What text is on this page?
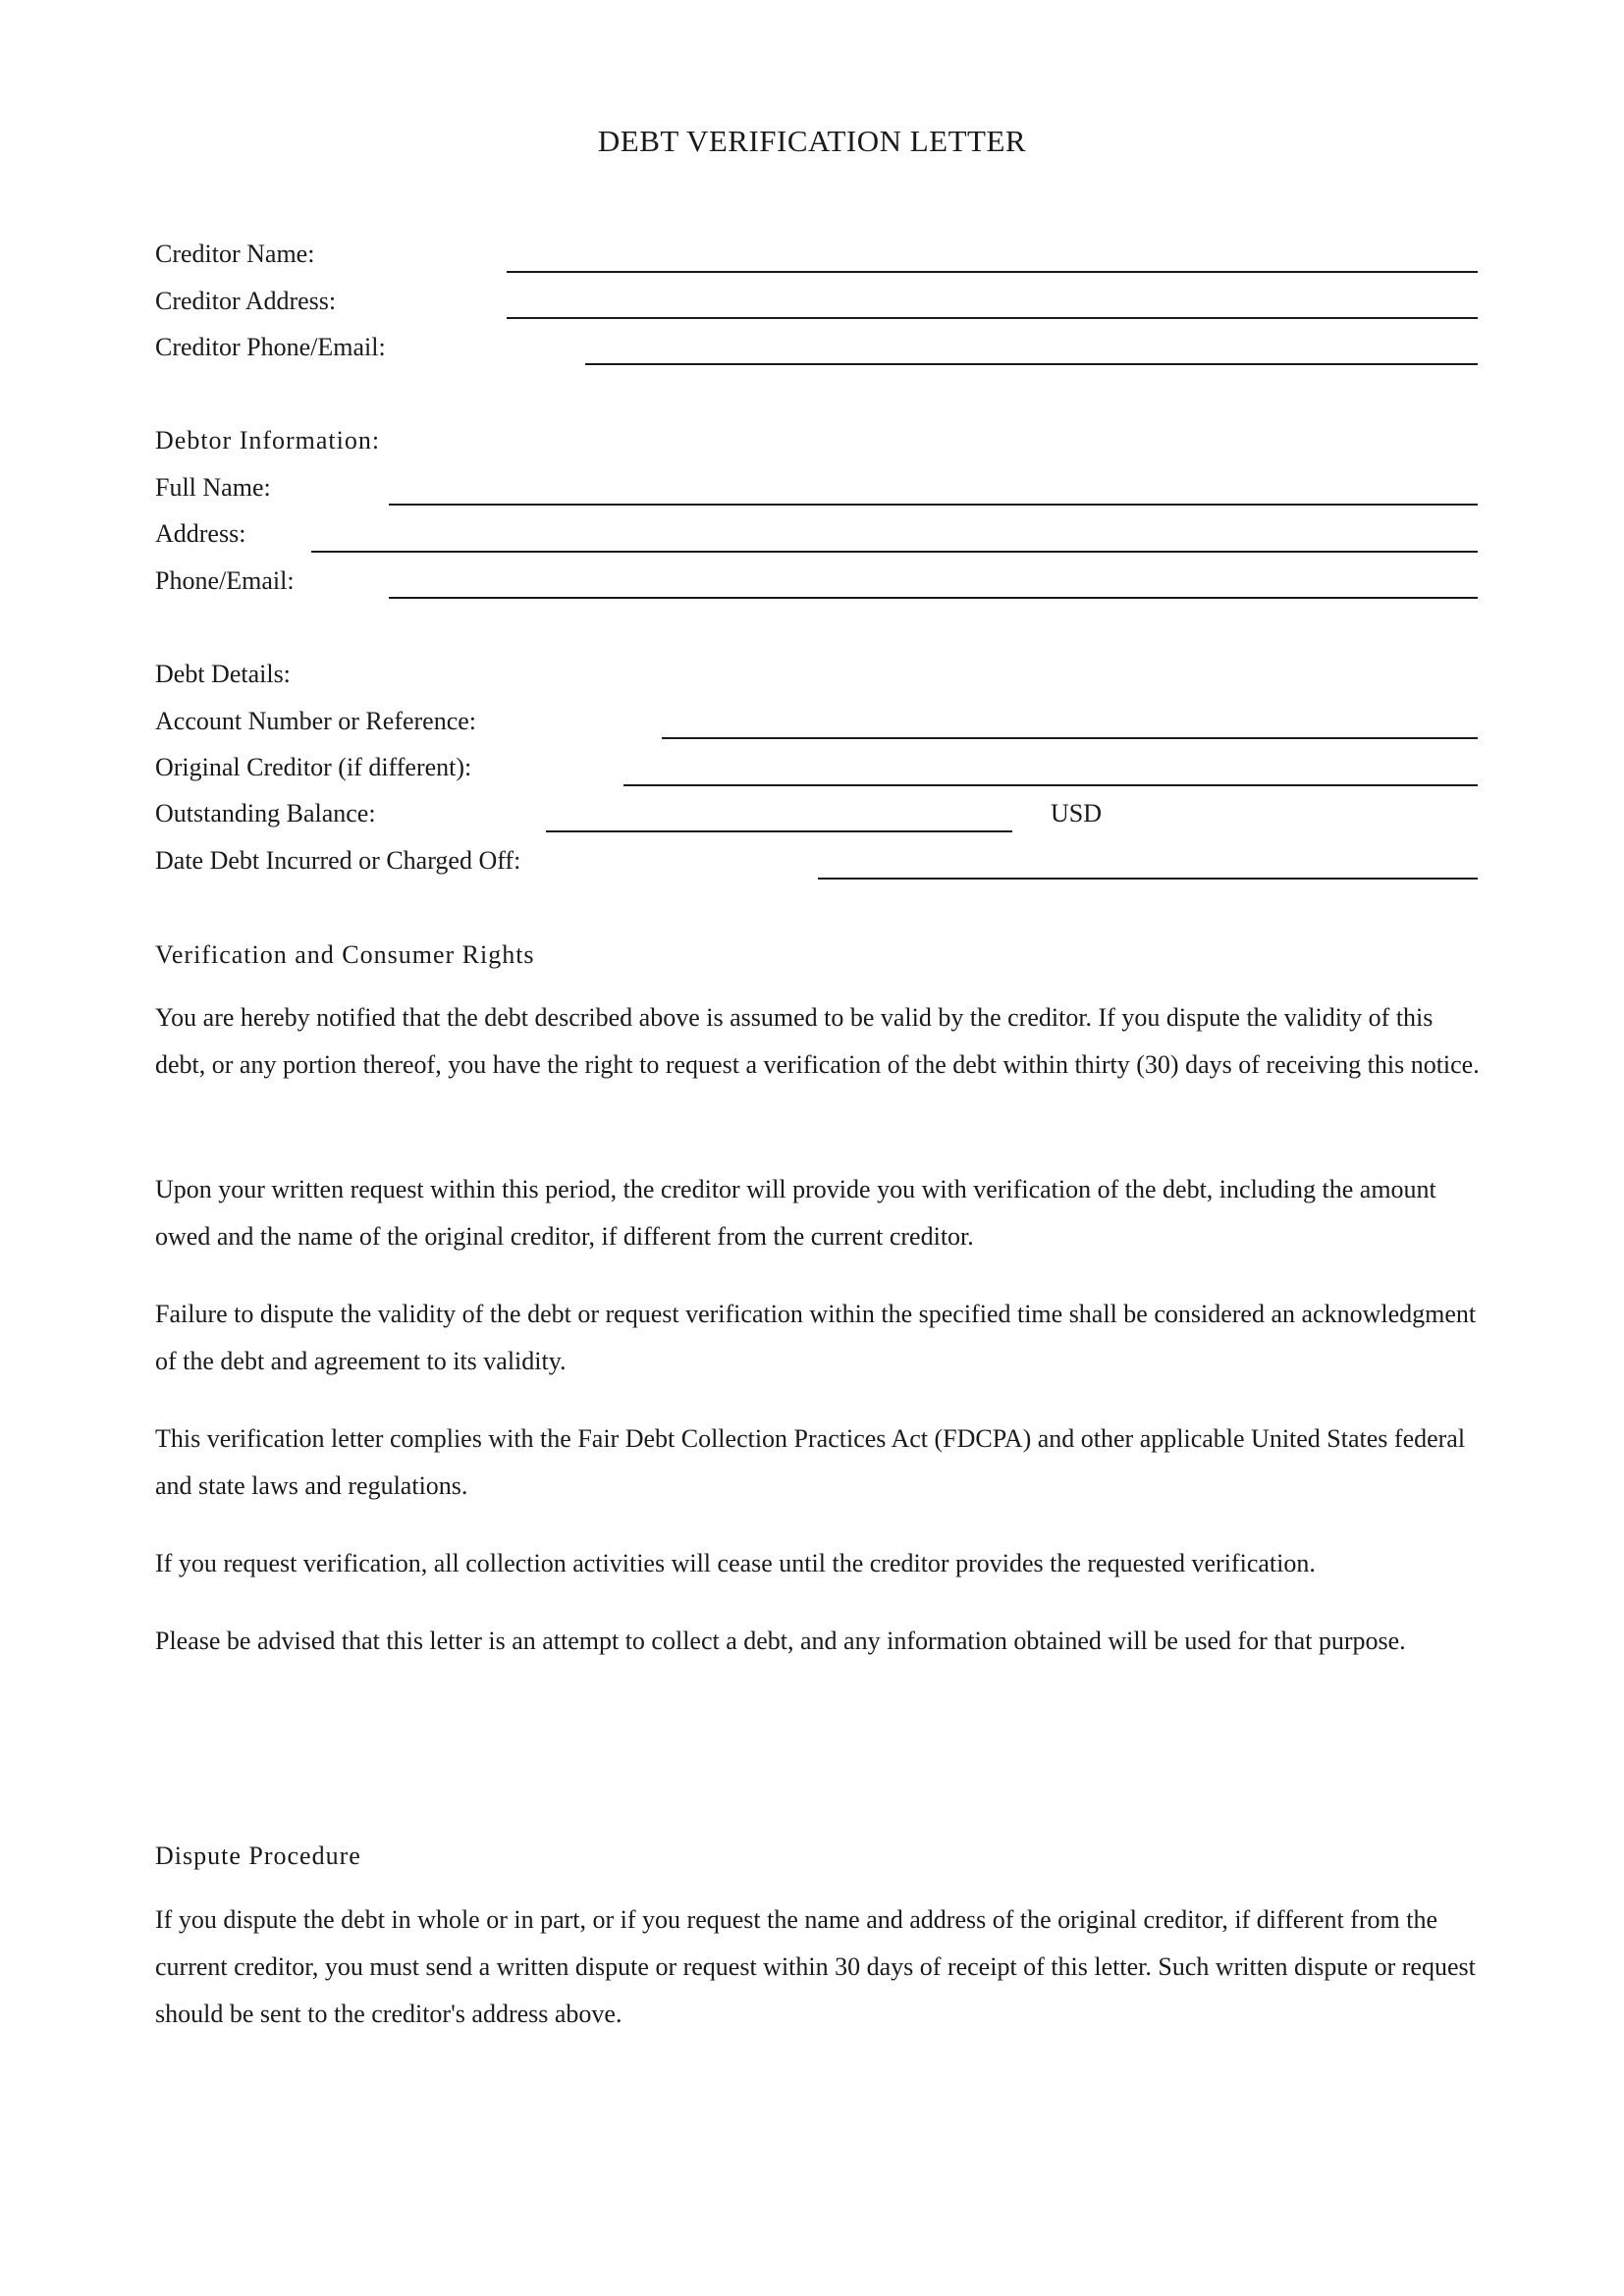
DEBT VERIFICATION LETTER
Creditor Name:
Creditor Address:
Creditor Phone/Email:
Debtor Information:
Full Name:
Address:
Phone/Email:
Debt Details:
Account Number or Reference:
Original Creditor (if different):
Outstanding Balance:	USD
Date Debt Incurred or Charged Off:
Verification and Consumer Rights

You are hereby notified that the debt described above is assumed to be valid by the creditor. If you dispute the validity of this debt, or any portion thereof, you have the right to request a verification of the debt within thirty (30) days of receiving this notice.

Upon your written request within this period, the creditor will provide you with verification of the debt, including the amount owed and the name of the original creditor, if different from the current creditor.

Failure to dispute the validity of the debt or request verification within the specified time shall be considered an acknowledgment of the debt and agreement to its validity.

This verification letter complies with the Fair Debt Collection Practices Act (FDCPA) and other applicable United States federal and state laws and regulations.

If you request verification, all collection activities will cease until the creditor provides the requested verification.

Please be advised that this letter is an attempt to collect a debt, and any information obtained will be used for that purpose.

Dispute Procedure

If you dispute the debt in whole or in part, or if you request the name and address of the original creditor, if different from the current creditor, you must send a written dispute or request within 30 days of receipt of this letter. Such written dispute or request should be sent to the creditor's address above.
